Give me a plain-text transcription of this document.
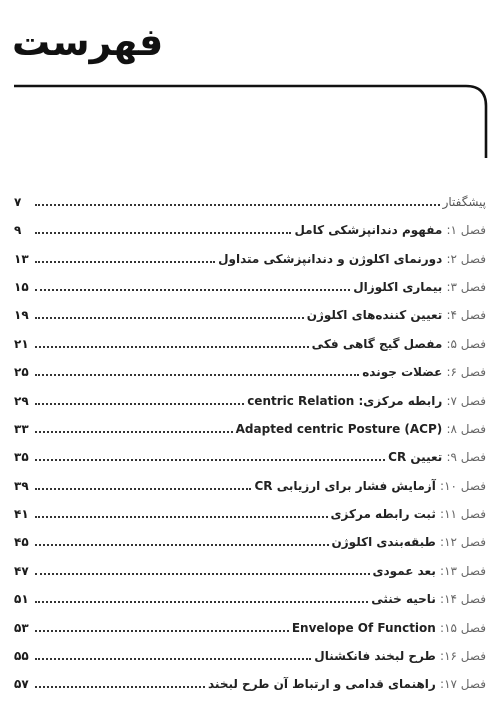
فهرست
پیشگفتار
۷
فصل ۱: مفهوم دندانپزشکی کامل
۹
فصل ۲: دورنمای اکلوژن و دندانپزشکی متداول
۱۳
فصل ۳: بیماری اکلوزال
۱۵
فصل ۴: تعیین کننده‌های اکلوژن
۱۹
فصل ۵: مفصل گیج گاهی فکی
۲۱
فصل ۶: عضلات جونده
۲۵
فصل ۷: رابطه مرکزی: centric Relation
۲۹
فصل ۸: Adapted centric Posture (ACP)
۳۳
فصل ۹: تعیین CR
۳۵
فصل ۱۰: آزمایش فشار برای ارزیابی CR
۳۹
فصل ۱۱: ثبت رابطه مرکزی
۴۱
فصل ۱۲: طبقه‌بندی اکلوژن
۴۵
فصل ۱۳: بعد عمودی
۴۷
فصل ۱۴: ناحیه خنثی
۵۱
فصل ۱۵: Envelope Of Function
۵۳
فصل ۱۶: طرح لبخند فانکشنال
۵۵
فصل ۱۷: راهنمای قدامی و ارتباط آن طرح لبخند
۵۷
